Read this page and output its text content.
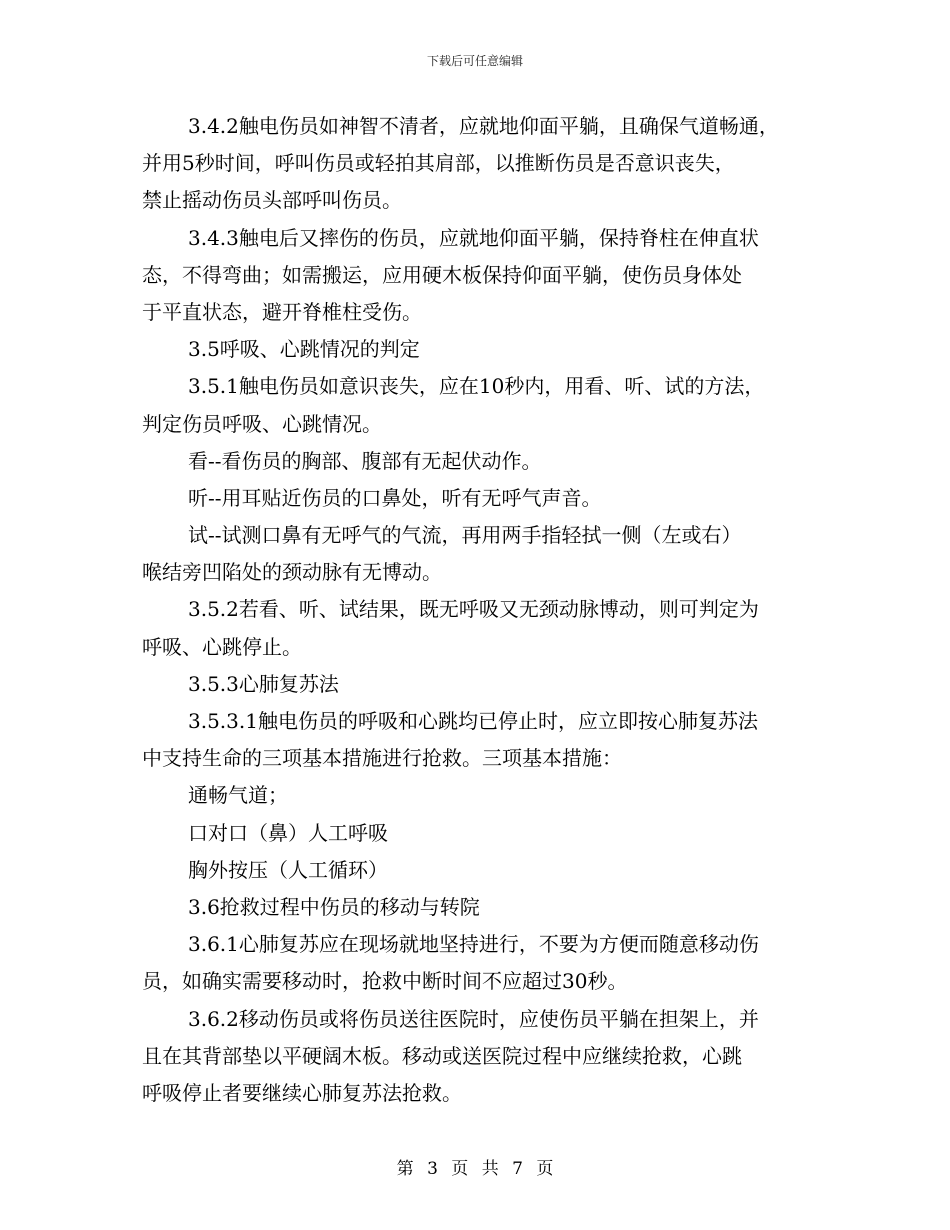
下载后可任意编辑
3.4.2触电伤员如神智不清者，应就地仰面平躺，且确保气道畅通，
并用5秒时间，呼叫伤员或轻拍其肩部，以推断伤员是否意识丧失，
禁止摇动伤员头部呼叫伤员。
3.4.3触电后又摔伤的伤员，应就地仰面平躺，保持脊柱在伸直状
态，不得弯曲；如需搬运，应用硬木板保持仰面平躺，使伤员身体处
于平直状态，避开脊椎柱受伤。
3.5呼吸、心跳情况的判定
3.5.1触电伤员如意识丧失，应在10秒内，用看、听、试的方法，
判定伤员呼吸、心跳情况。
看--看伤员的胸部、腹部有无起伏动作。
听--用耳贴近伤员的口鼻处，听有无呼气声音。
试--试测口鼻有无呼气的气流，再用两手指轻拭一侧（左或右）
喉结旁凹陷处的颈动脉有无博动。
3.5.2若看、听、试结果，既无呼吸又无颈动脉博动，则可判定为
呼吸、心跳停止。
3.5.3心肺复苏法
3.5.3.1触电伤员的呼吸和心跳均已停止时，应立即按心肺复苏法
中支持生命的三项基本措施进行抢救。三项基本措施：
通畅气道；
口对口（鼻）人工呼吸
胸外按压（人工循环）
3.6抢救过程中伤员的移动与转院
3.6.1心肺复苏应在现场就地坚持进行，不要为方便而随意移动伤
员，如确实需要移动时，抢救中断时间不应超过30秒。
3.6.2移动伤员或将伤员送往医院时，应使伤员平躺在担架上，并
且在其背部垫以平硬阔木板。移动或送医院过程中应继续抢救，心跳
呼吸停止者要继续心肺复苏法抢救。
第 3 页 共 7 页
